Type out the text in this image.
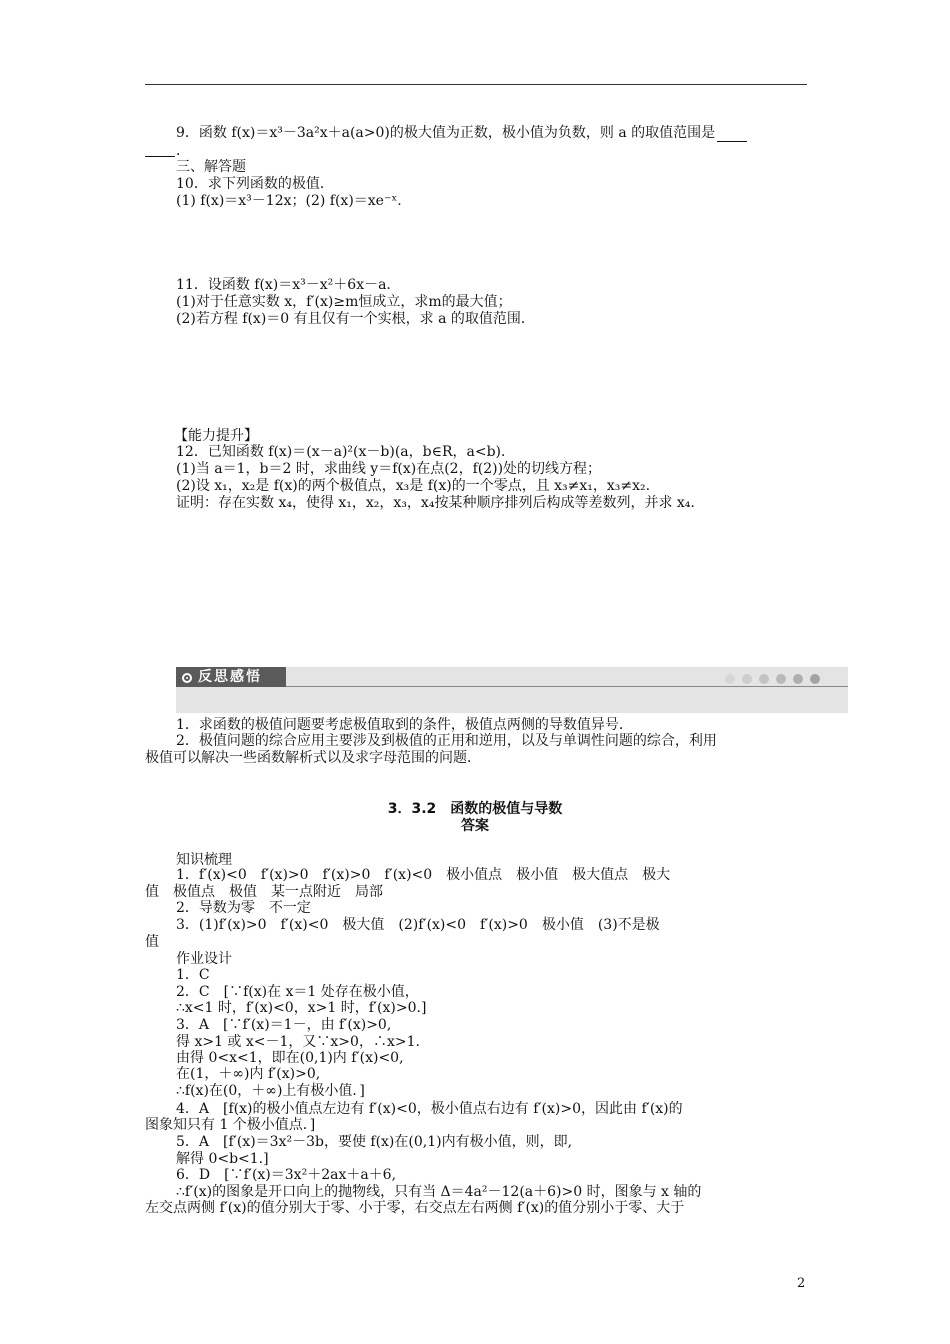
9．函数 f(x)＝x³－3a²x＋a(a>0)的极大值为正数，极小值为负数，则 a 的取值范围是
．
三、解答题
10．求下列函数的极值．
(1) f(x)＝x³－12x；(2) f(x)＝xe⁻ˣ.
11．设函数 f(x)＝x³－x²＋6x－a.
(1)对于任意实数 x，f′(x)≥m恒成立，求m的最大值；
(2)若方程 f(x)＝0 有且仅有一个实根，求 a 的取值范围．
【能力提升】
12．已知函数 f(x)＝(x－a)²(x－b)(a，b∈R，a<b)．
(1)当 a＝1，b＝2 时，求曲线 y＝f(x)在点(2，f(2))处的切线方程；
(2)设 x₁，x₂是 f(x)的两个极值点，x₃是 f(x)的一个零点，且 x₃≠x₁，x₃≠x₂.
证明：存在实数 x₄，使得 x₁，x₂，x₃，x₄按某种顺序排列后构成等差数列，并求 x₄.
反思感悟
1．求函数的极值问题要考虑极值取到的条件，极值点两侧的导数值异号．
2．极值问题的综合应用主要涉及到极值的正用和逆用，以及与单调性问题的综合，利用
极值可以解决一些函数解析式以及求字母范围的问题．
3．3.2　函数的极值与导数
答案
知识梳理
1．f′(x)<0　f′(x)>0　f′(x)>0　f′(x)<0　极小值点　极小值　极大值点　极大
值　极值点　极值　某一点附近　局部
2．导数为零　不一定
3．(1)f′(x)>0　f′(x)<0　极大值　(2)f′(x)<0　f′(x)>0　极小值　(3)不是极
值
作业设计
1．C
2．C　[∵f(x)在 x＝1 处存在极小值，
∴x<1 时，f′(x)<0，x>1 时，f′(x)>0.]
3．A　[∵f′(x)＝1－，由 f′(x)>0,
得 x>1 或 x<－1，又∵x>0，∴x>1.
由得 0<x<1，即在(0,1)内 f′(x)<0,
在(1，＋∞)内 f′(x)>0,
∴f(x)在(0，＋∞)上有极小值．]
4．A　[f(x)的极小值点左边有 f′(x)<0，极小值点右边有 f′(x)>0，因此由 f′(x)的
图象知只有 1 个极小值点．]
5．A　[f′(x)＝3x²－3b，要使 f(x)在(0,1)内有极小值，则，即,
解得 0<b<1.]
6．D　[∵f′(x)＝3x²＋2ax＋a＋6,
∴f′(x)的图象是开口向上的抛物线，只有当 Δ＝4a²－12(a＋6)>0 时，图象与 x 轴的
左交点两侧 f′(x)的值分别大于零、小于零，右交点左右两侧 f′(x)的值分别小于零、大于
2
